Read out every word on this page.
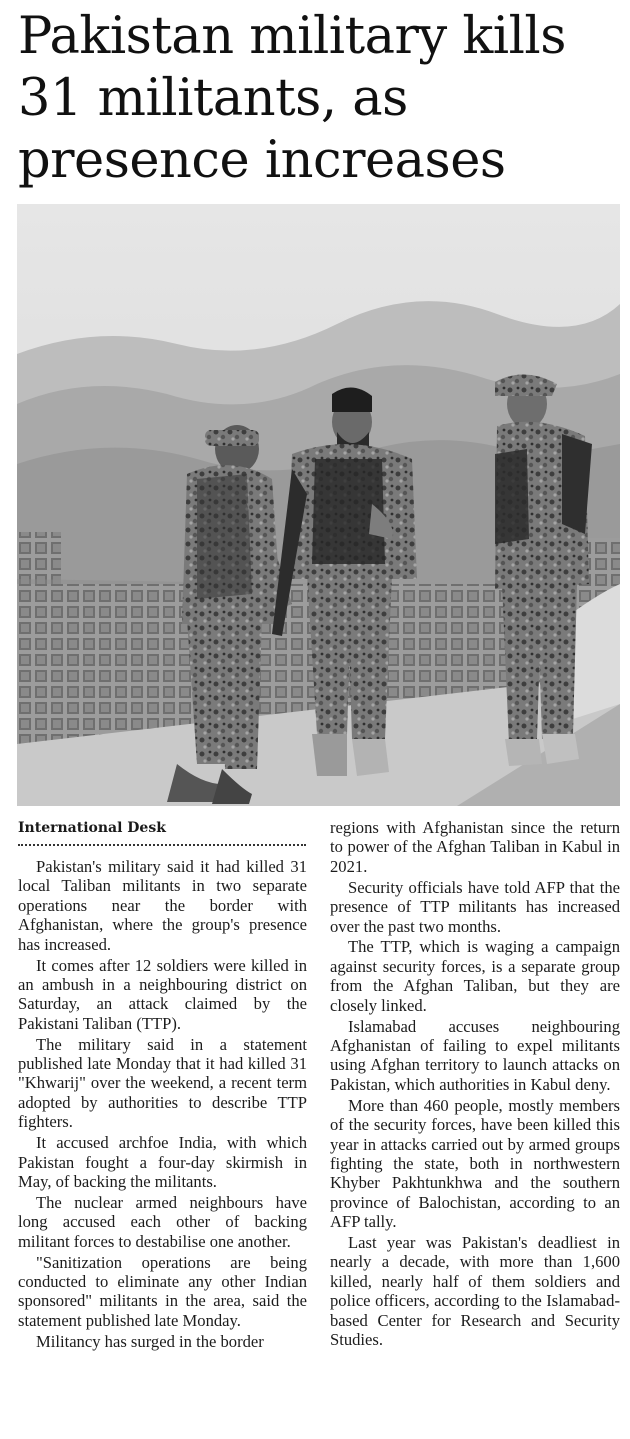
Pakistan military kills 31 militants, as presence increases
International Desk

Pakistan's military said it had killed 31 local Taliban militants in two separate operations near the border with Afghanistan, where the group's presence has increased.

It comes after 12 soldiers were killed in an ambush in a neighbouring district on Saturday, an attack claimed by the Pakistani Taliban (TTP).

The military said in a statement published late Monday that it had killed 31 "Khwarij" over the weekend, a recent term adopted by authorities to describe TTP fighters.

It accused archfoe India, with which Pakistan fought a four-day skirmish in May, of backing the militants.

The nuclear armed neighbours have long accused each other of backing militant forces to destabilise one another.

"Sanitization operations are being conducted to eliminate any other Indian sponsored" militants in the area, said the statement published late Monday.

Militancy has surged in the border

regions with Afghanistan since the return to power of the Afghan Taliban in Kabul in 2021.

Security officials have told AFP that the presence of TTP militants has increased over the past two months.

The TTP, which is waging a campaign against security forces, is a separate group from the Afghan Taliban, but they are closely linked.

Islamabad accuses neighbouring Afghanistan of failing to expel militants using Afghan territory to launch attacks on Pakistan, which authorities in Kabul deny.

More than 460 people, mostly members of the security forces, have been killed this year in attacks carried out by armed groups fighting the state, both in northwestern Khyber Pakhtunkhwa and the southern province of Balochistan, according to an AFP tally.

Last year was Pakistan's deadliest in nearly a decade, with more than 1,600 killed, nearly half of them soldiers and police officers, according to the Islamabad-based Center for Research and Security Studies.
